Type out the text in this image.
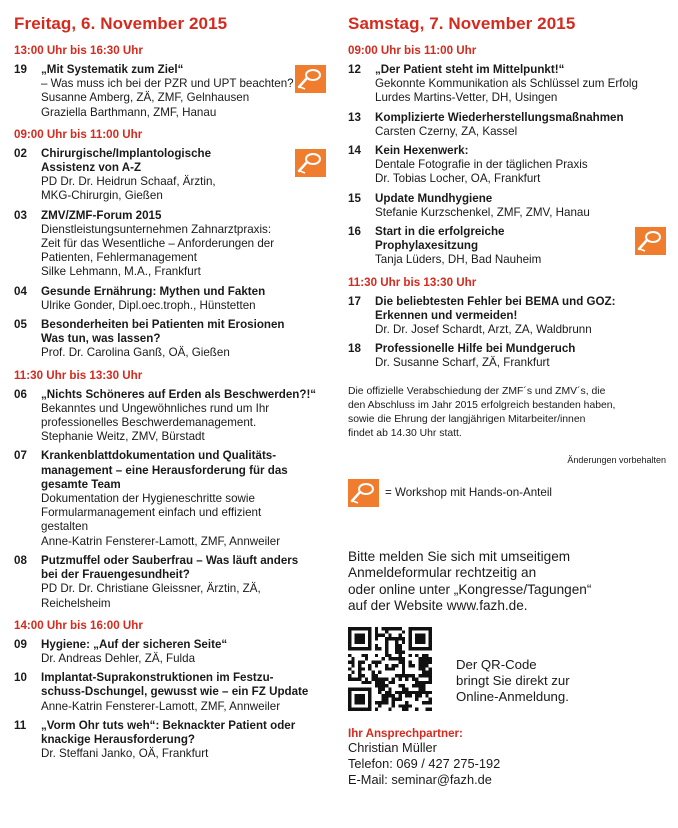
Freitag, 6. November 2015
13:00 Uhr bis 16:30 Uhr
19	„Mit Systematik zum Ziel“
– Was muss ich bei der PZR und UPT beachten?
Susanne Amberg, ZÄ, ZMF, Gelnhausen
Graziella Barthmann, ZMF, Hanau
09:00 Uhr bis 11:00 Uhr
02	Chirurgische/Implantologische
Assistenz von A-Z
PD Dr. Dr. Heidrun Schaaf, Ärztin,
MKG-Chirurgin, Gießen
03	ZMV/ZMF-Forum 2015
Dienstleistungsunternehmen Zahnarztpraxis:
Zeit für das Wesentliche – Anforderungen der
Patienten, Fehlermanagement
Silke Lehmann, M.A., Frankfurt
04	Gesunde Ernährung: Mythen und Fakten
Ulrike Gonder, Dipl.oec.troph., Hünstetten
05	Besonderheiten bei Patienten mit Erosionen
Was tun, was lassen?
Prof. Dr. Carolina Ganß, OÄ, Gießen
11:30 Uhr bis 13:30 Uhr
06	„Nichts Schöneres auf Erden als Beschwerden?!“
Bekanntes und Ungewöhnliches rund um Ihr
professionelles Beschwerdemanagement.
Stephanie Weitz, ZMV, Bürstadt
07	Krankenblattdokumentation und Qualitäts-
management – eine Herausforderung für das
gesamte Team
Dokumentation der Hygieneschritte sowie
Formularmanagement einfach und effizient
gestalten
Anne-Katrin Fensterer-Lamott, ZMF, Annweiler
08	Putzmuffel oder Sauberfrau – Was läuft anders
bei der Frauengesundheit?
PD Dr. Dr. Christiane Gleissner, Ärztin, ZÄ,
Reichelsheim
14:00 Uhr bis 16:00 Uhr
09	Hygiene: „Auf der sicheren Seite“
Dr. Andreas Dehler, ZÄ, Fulda
10	Implantat-Suprakonstruktionen im Festzu-
schuss-Dschungel, gewusst wie – ein FZ Update
Anne-Katrin Fensterer-Lamott, ZMF, Annweiler
11	„Vorm Ohr tuts weh“: Beknackter Patient oder
knackige Herausforderung?
Dr. Steffani Janko, OÄ, Frankfurt
Samstag, 7. November 2015
09:00 Uhr bis 11:00 Uhr
12	„Der Patient steht im Mittelpunkt!“
Gekonnte Kommunikation als Schlüssel zum Erfolg
Lurdes Martins-Vetter, DH, Usingen
13	Komplizierte Wiederherstellungsmaßnahmen
Carsten Czerny, ZA, Kassel
14	Kein Hexenwerk:
Dentale Fotografie in der täglichen Praxis
Dr. Tobias Locher, OA, Frankfurt
15	Update Mundhygiene
Stefanie Kurzschenkel, ZMF, ZMV, Hanau
16	Start in die erfolgreiche
Prophylaxesitzung
Tanja Lüders, DH, Bad Nauheim
11:30 Uhr bis 13:30 Uhr
17	Die beliebtesten Fehler bei BEMA und GOZ:
Erkennen und vermeiden!
Dr. Dr. Josef Schardt, Arzt, ZA, Waldbrunn
18	Professionelle Hilfe bei Mundgeruch
Dr. Susanne Scharf, ZÄ, Frankfurt
Die offizielle Verabschiedung der ZMF´s und ZMV´s, die
den Abschluss im Jahr 2015 erfolgreich bestanden haben,
sowie die Ehrung der langjährigen Mitarbeiter/innen
findet ab 14.30 Uhr statt.
Änderungen vorbehalten
= Workshop mit Hands-on-Anteil
Bitte melden Sie sich mit umseitigem
Anmeldeformular rechtzeitig an
oder online unter „Kongresse/Tagungen“
auf der Website www.fazh.de.
Der QR-Code
bringt Sie direkt zur
Online-Anmeldung.
Ihr Ansprechpartner:
Christian Müller
Telefon: 069 / 427 275-192
E-Mail: seminar@fazh.de
